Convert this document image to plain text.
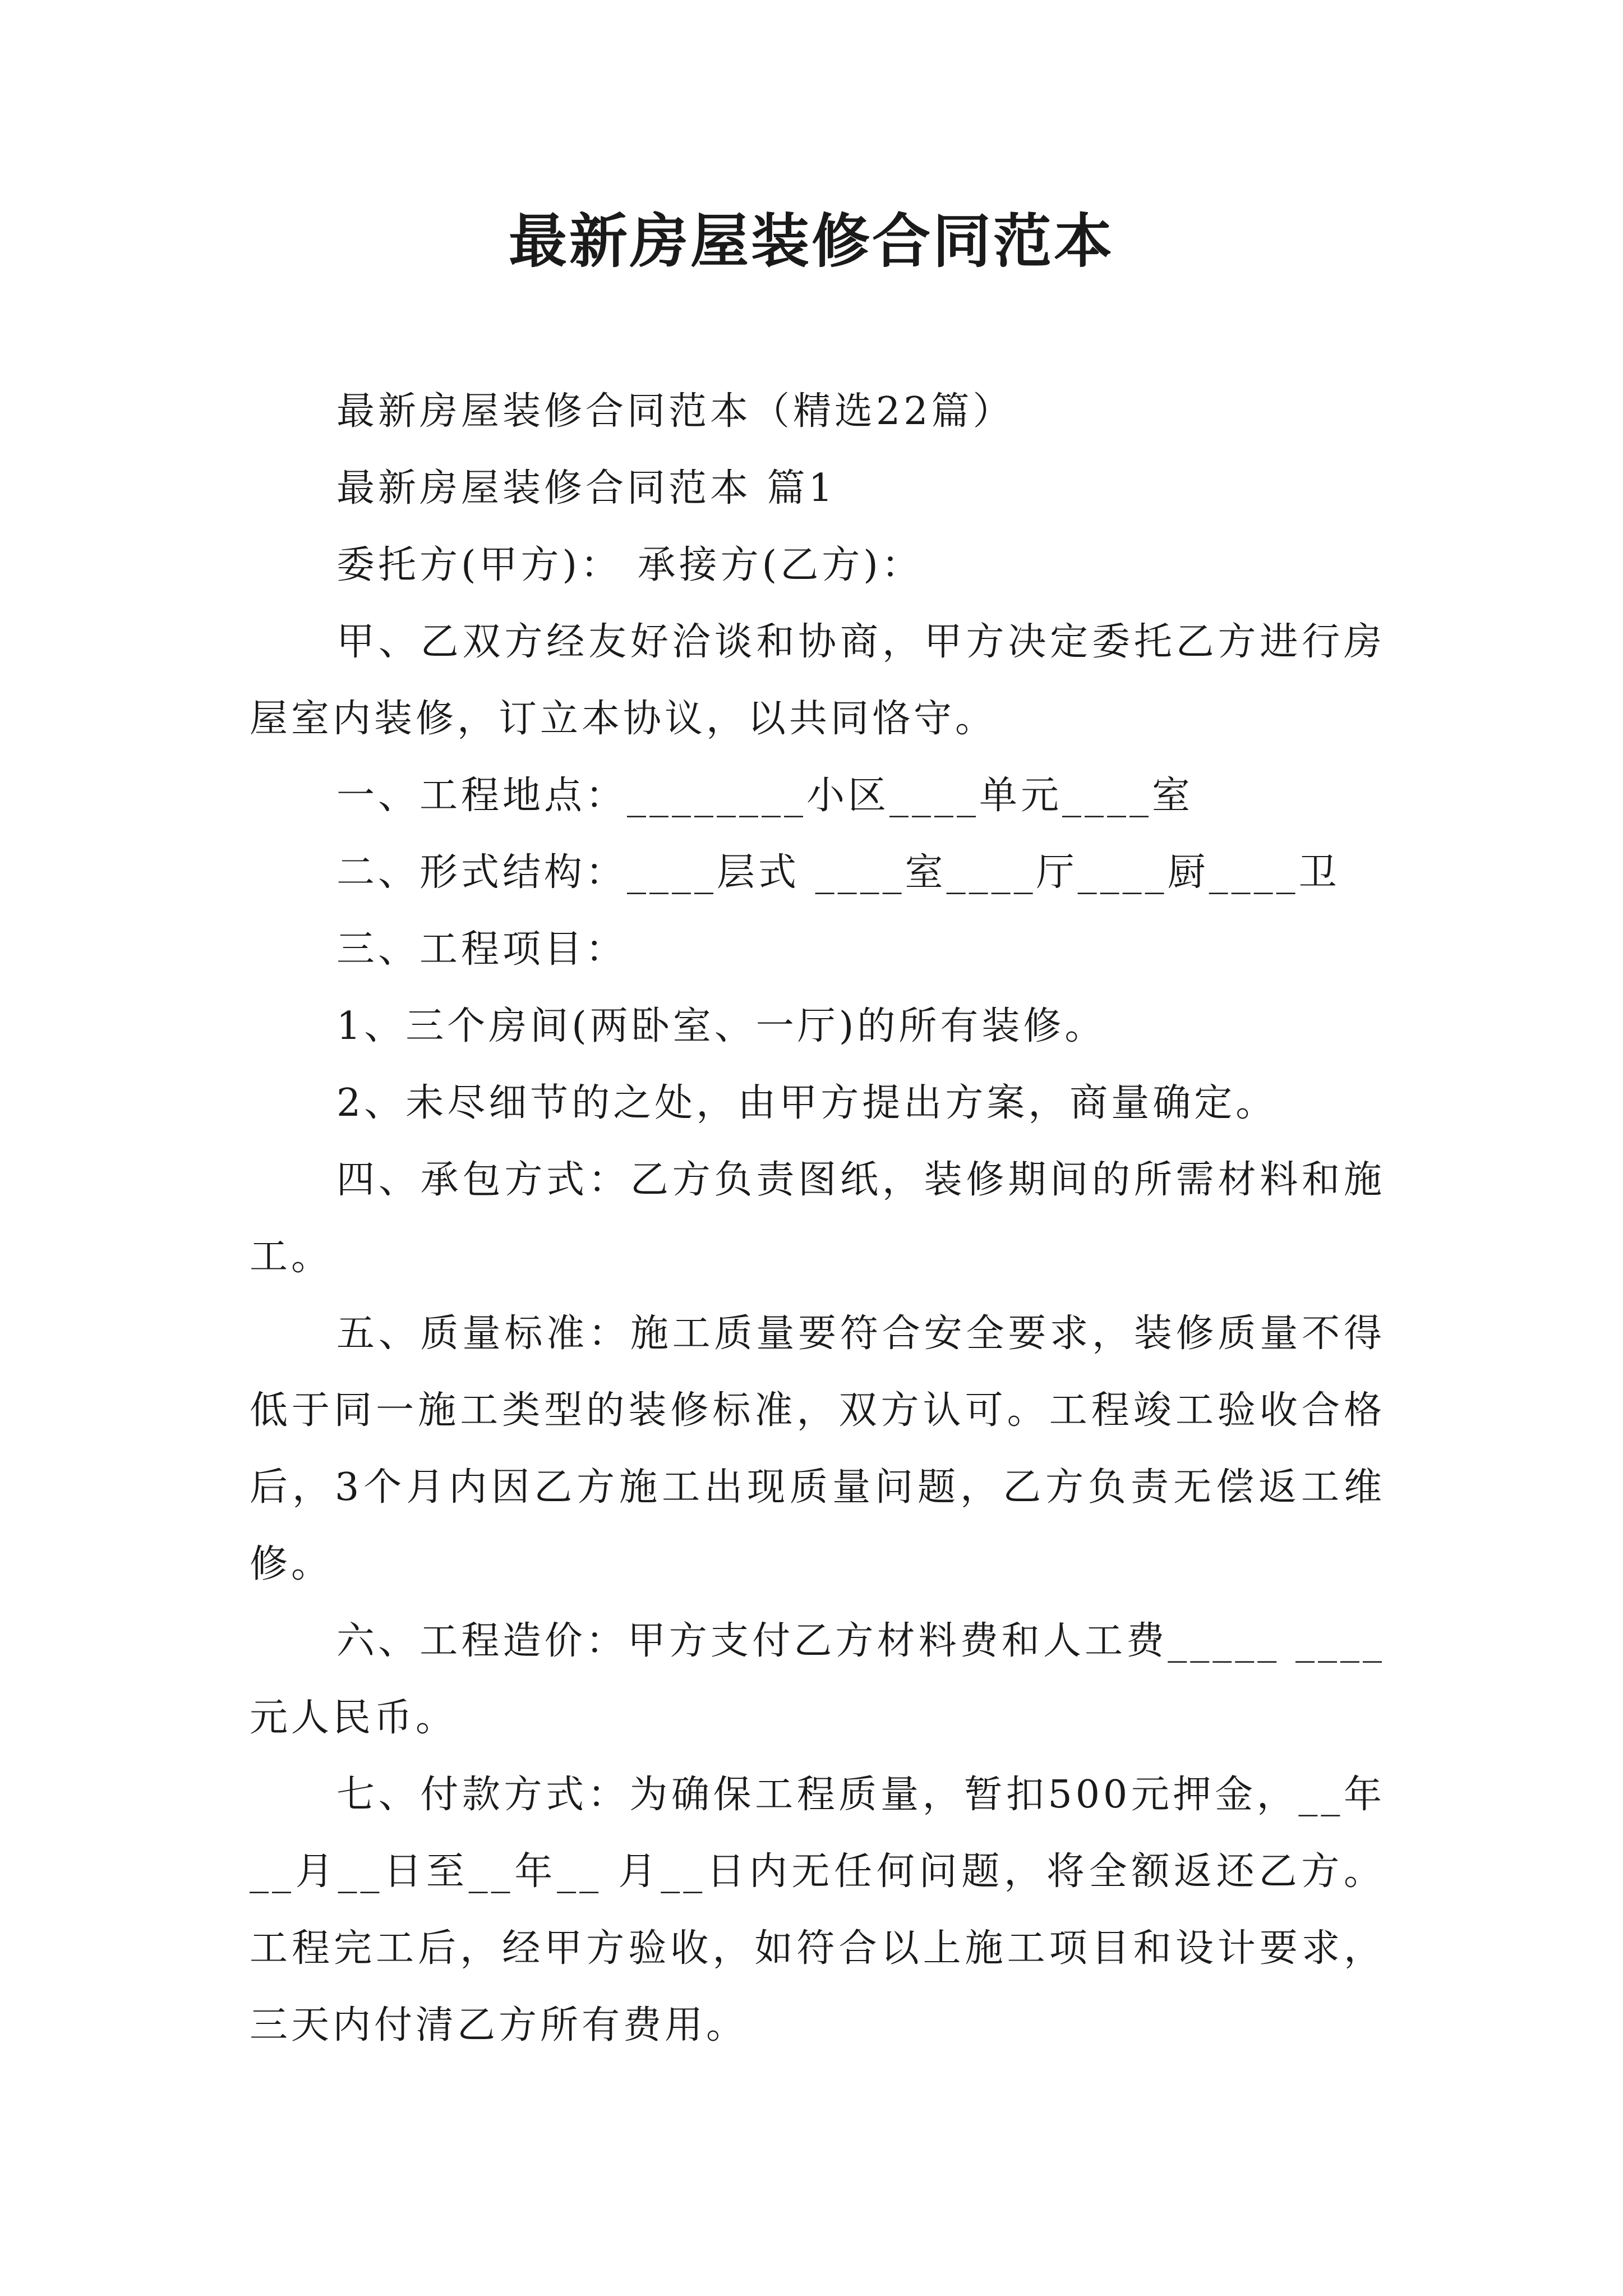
最新房屋装修合同范本

最新房屋装修合同范本（精选22篇）

最新房屋装修合同范本 篇1

委托方(甲方)： 承接方(乙方)：

甲、乙双方经友好洽谈和协商，甲方决定委托乙方进行房屋室内装修，订立本协议，以共同恪守。

一、工程地点：________小区____单元____室

二、形式结构：____层式 ____室____厅____厨____卫

三、工程项目：

1、三个房间(两卧室、一厅)的所有装修。

2、未尽细节的之处，由甲方提出方案，商量确定。

四、承包方式：乙方负责图纸，装修期间的所需材料和施工。

五、质量标准：施工质量要符合安全要求，装修质量不得低于同一施工类型的装修标准，双方认可。工程竣工验收合格后，3个月内因乙方施工出现质量问题，乙方负责无偿返工维修。

六、工程造价：甲方支付乙方材料费和人工费_____ ____元人民币。

七、付款方式：为确保工程质量，暂扣500元押金，__年__月__日至__年__ 月__日内无任何问题，将全额返还乙方。工程完工后，经甲方验收，如符合以上施工项目和设计要求，三天内付清乙方所有费用。
